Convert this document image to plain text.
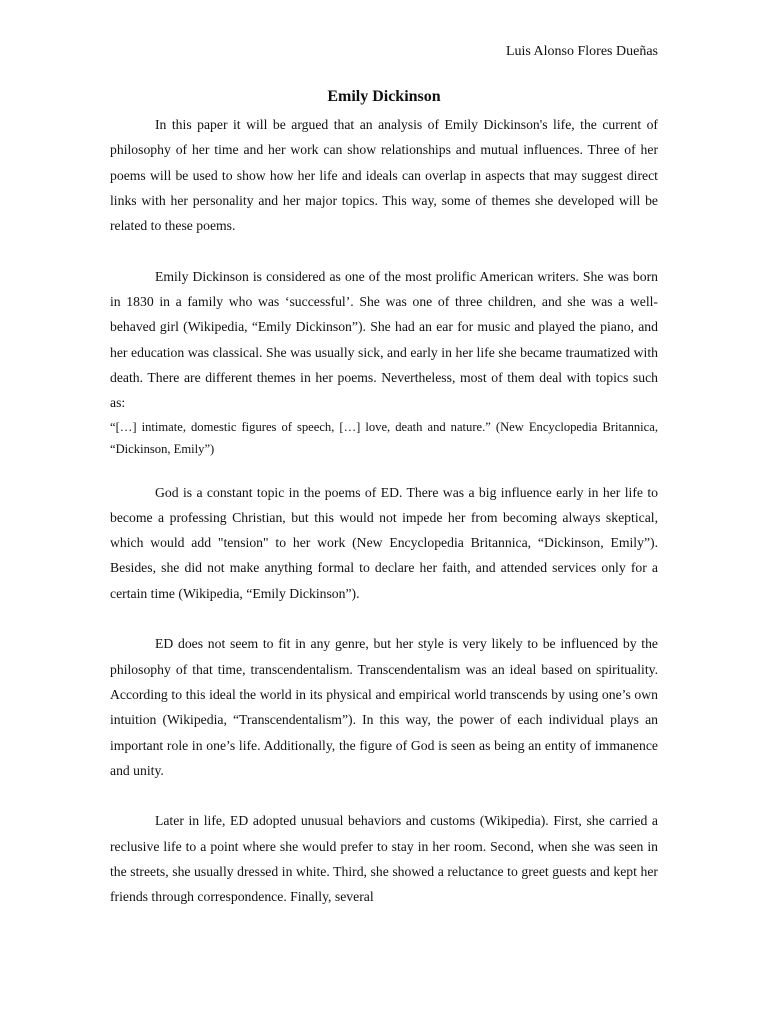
Luis Alonso Flores Dueñas
Emily Dickinson

In this paper it will be argued that an analysis of Emily Dickinson's life, the current of philosophy of her time and her work can show relationships and mutual influences. Three of her poems will be used to show how her life and ideals can overlap in aspects that may suggest direct links with her personality and her major topics. This way, some of themes she developed will be related to these poems.

Emily Dickinson is considered as one of the most prolific American writers. She was born in 1830 in a family who was ‘successful’. She was one of three children, and she was a well-behaved girl (Wikipedia, “Emily Dickinson”). She had an ear for music and played the piano, and her education was classical. She was usually sick, and early in her life she became traumatized with death. There are different themes in her poems. Nevertheless, most of them deal with topics such as:

“[…] intimate, domestic figures of speech, […] love, death and nature.” (New Encyclopedia Britannica, “Dickinson, Emily”)

God is a constant topic in the poems of ED. There was a big influence early in her life to become a professing Christian, but this would not impede her from becoming always skeptical, which would add "tension" to her work (New Encyclopedia Britannica, “Dickinson, Emily”). Besides, she did not make anything formal to declare her faith, and attended services only for a certain time (Wikipedia, “Emily Dickinson”).

ED does not seem to fit in any genre, but her style is very likely to be influenced by the philosophy of that time, transcendentalism. Transcendentalism was an ideal based on spirituality. According to this ideal the world in its physical and empirical world transcends by using one’s own intuition (Wikipedia, “Transcendentalism”). In this way, the power of each individual plays an important role in one’s life. Additionally, the figure of God is seen as being an entity of immanence and unity.

Later in life, ED adopted unusual behaviors and customs (Wikipedia). First, she carried a reclusive life to a point where she would prefer to stay in her room. Second, when she was seen in the streets, she usually dressed in white. Third, she showed a reluctance to greet guests and kept her friends through correspondence. Finally, several
